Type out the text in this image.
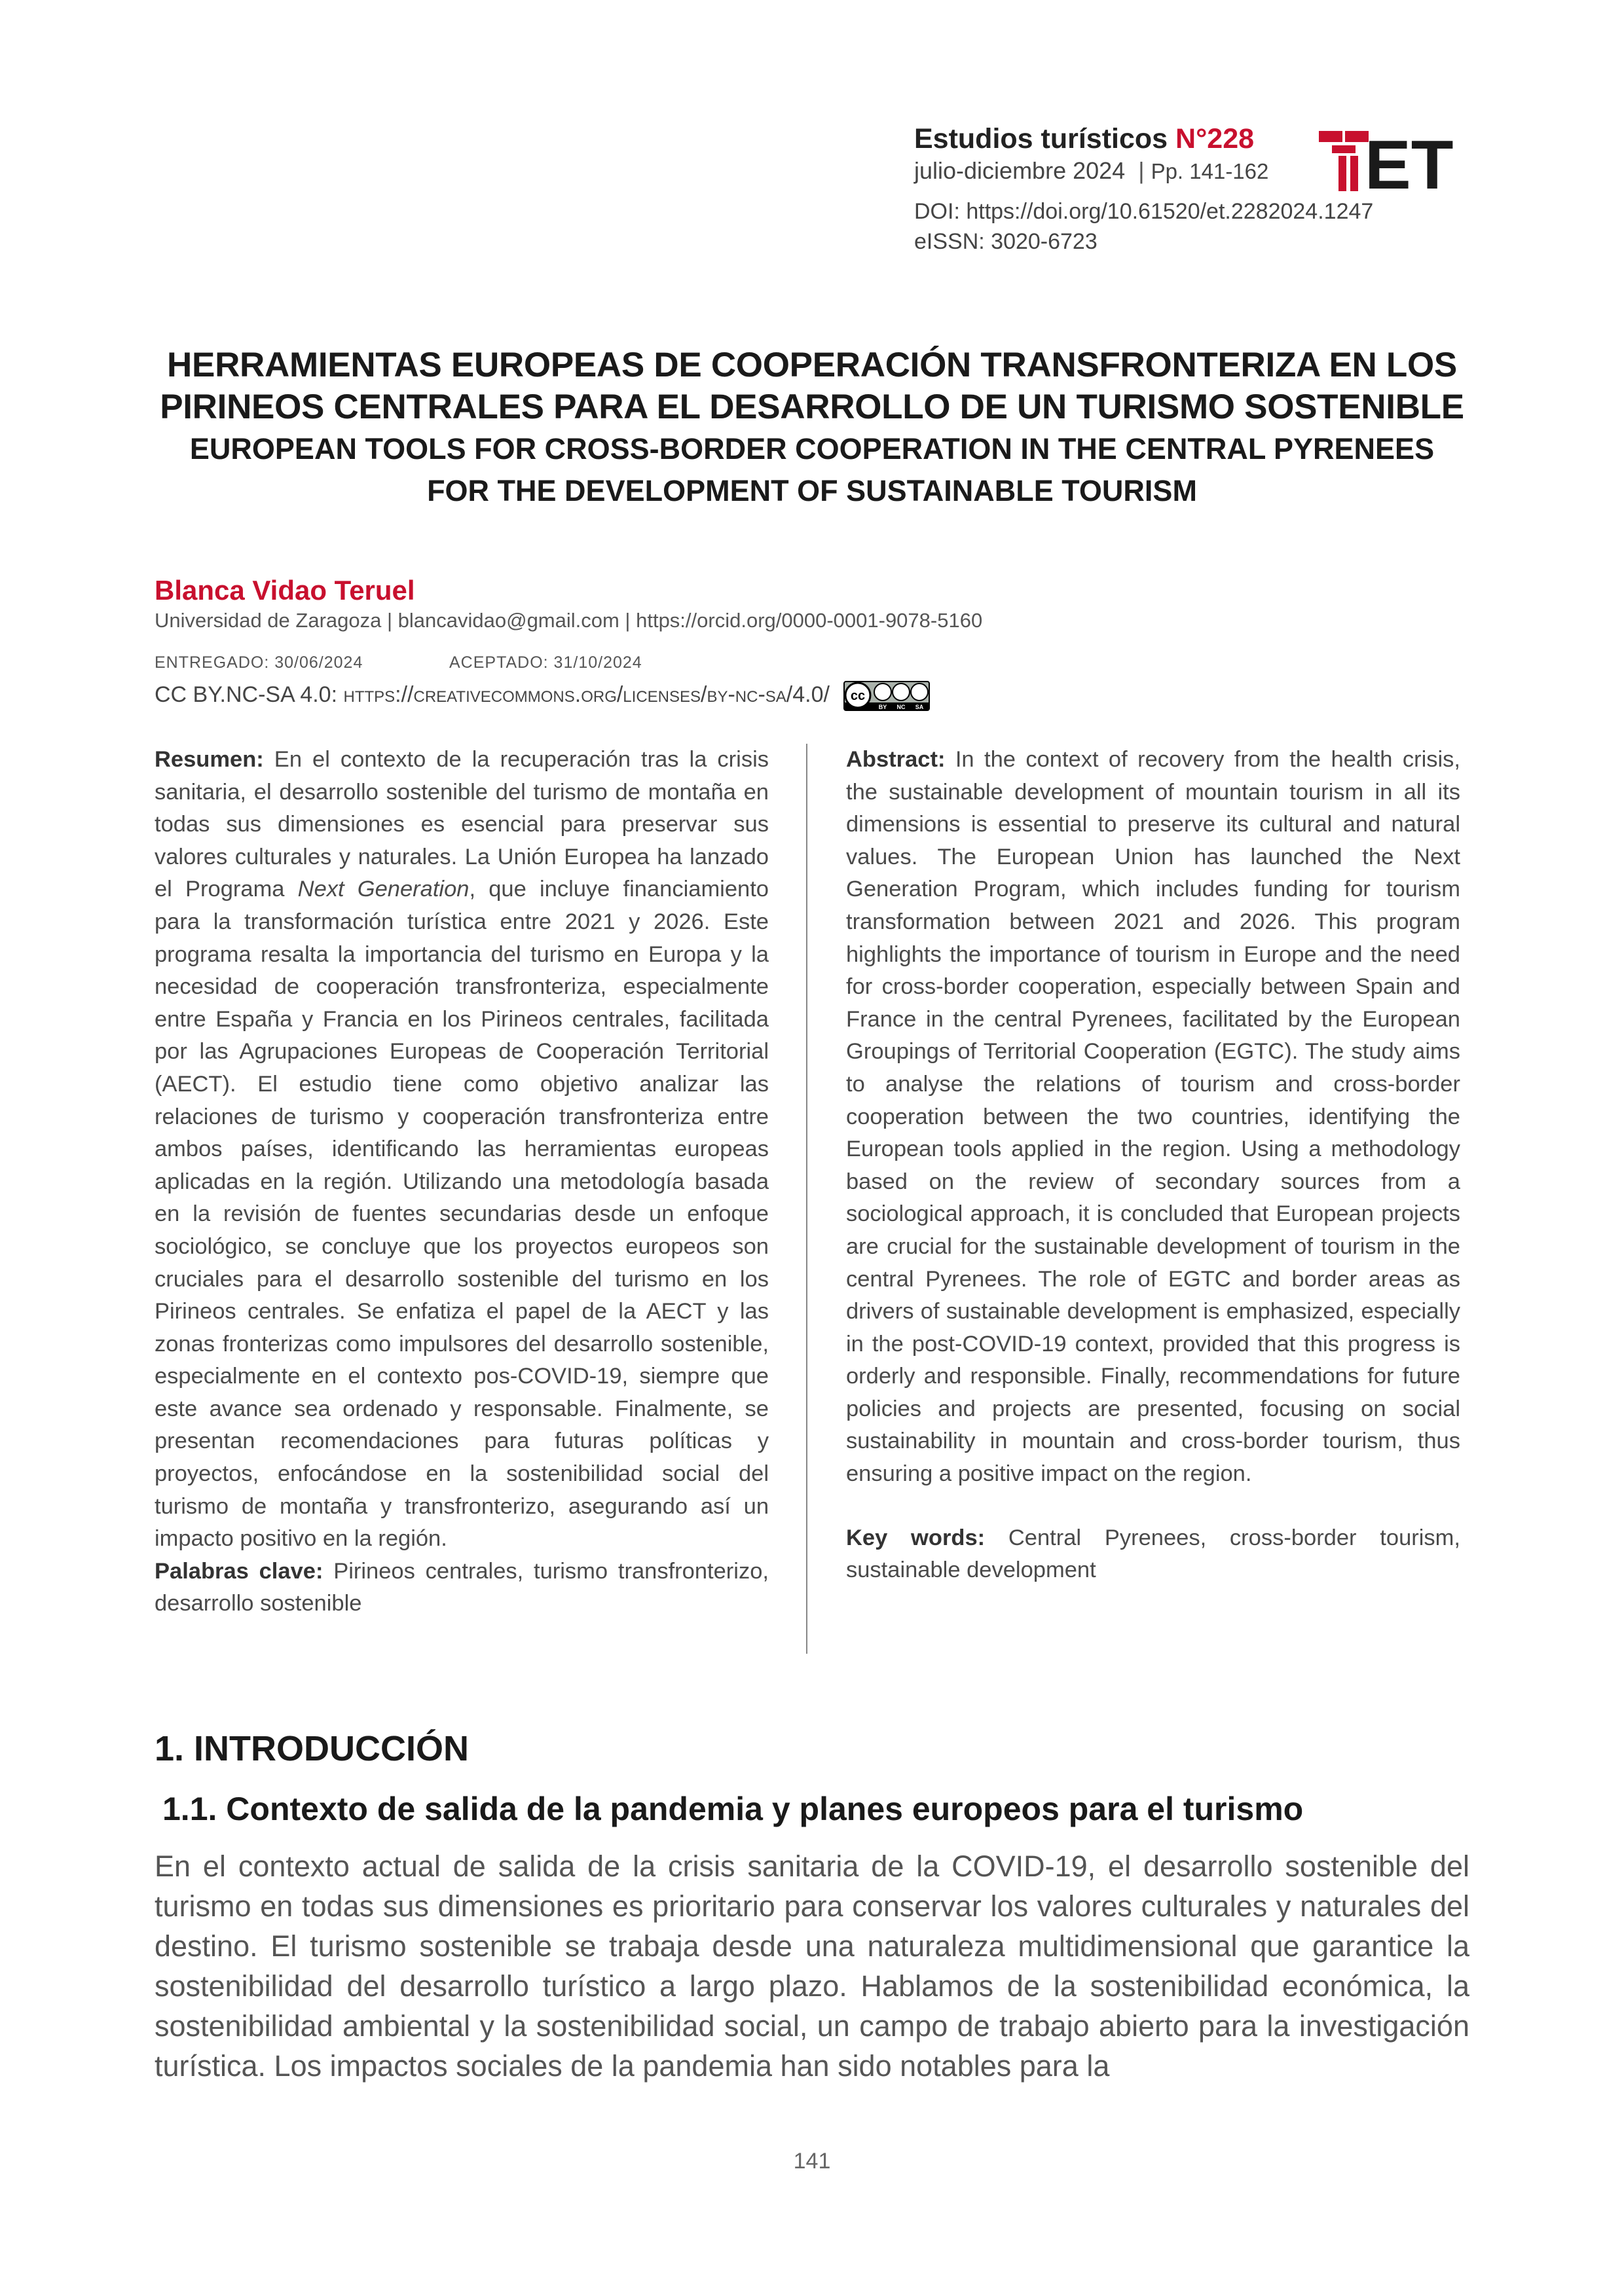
Estudios turísticos N°228
julio-diciembre 2024  | Pp. 141-162
DOI: https://doi.org/10.61520/et.2282024.1247
eISSN: 3020-6723
ET
HERRAMIENTAS EUROPEAS DE COOPERACIÓN TRANSFRONTERIZA EN LOS
PIRINEOS CENTRALES PARA EL DESARROLLO DE UN TURISMO SOSTENIBLE
EUROPEAN TOOLS FOR CROSS-BORDER COOPERATION IN THE CENTRAL PYRENEES
FOR THE DEVELOPMENT OF SUSTAINABLE TOURISM
Blanca Vidao Teruel
Universidad de Zaragoza | blancavidao@gmail.com | https://orcid.org/0000-0001-9078-5160
ENTREGADO: 30/06/2024	ACEPTADO: 31/10/2024
CC BY.NC-SA 4.0: https://creativecommons.org/licenses/by-nc-sa/4.0/ cc
BY NC SA
Resumen: En el contexto de la recuperación tras la crisis sanitaria, el desarrollo sostenible del turismo de montaña en todas sus dimensiones es esencial para preservar sus valores culturales y naturales. La Unión Europea ha lanzado el Programa Next Generation, que incluye financiamiento para la transformación turística entre 2021 y 2026. Este programa resalta la importancia del turismo en Europa y la necesidad de cooperación transfronteriza, especialmente entre España y Francia en los Pirineos centrales, facilitada por las Agrupaciones Europeas de Cooperación Territorial (AECT). El estudio tiene como objetivo analizar las relaciones de turismo y cooperación transfronteriza entre ambos países, identificando las herramientas europeas aplicadas en la región. Utilizando una metodología basada en la revisión de fuentes secundarias desde un enfoque sociológico, se concluye que los proyectos europeos son cruciales para el desarrollo sostenible del turismo en los Pirineos centrales. Se enfatiza el papel de la AECT y las zonas fronterizas como impulsores del desarrollo sostenible, especialmente en el contexto pos-COVID-19, siempre que este avance sea ordenado y responsable. Finalmente, se presentan recomendaciones para futuras políticas y proyectos, enfocándose en la sostenibilidad social del turismo de montaña y transfronterizo, asegurando así un impacto positivo en la región.
Palabras clave: Pirineos centrales, turismo transfronterizo, desarrollo sostenible
Abstract: In the context of recovery from the health crisis, the sustainable development of mountain tourism in all its dimensions is essential to preserve its cultural and natural values. The European Union has launched the Next Generation Program, which includes funding for tourism transformation between 2021 and 2026. This program highlights the importance of tourism in Europe and the need for cross-border cooperation, especially between Spain and France in the central Pyrenees, facilitated by the European Groupings of Territorial Cooperation (EGTC). The study aims to analyse the relations of tourism and cross-border cooperation between the two countries, identifying the European tools applied in the region. Using a methodology based on the review of secondary sources from a sociological approach, it is concluded that European projects are crucial for the sustainable development of tourism in the central Pyrenees. The role of EGTC and border areas as drivers of sustainable development is emphasized, especially in the post-COVID-19 context, provided that this progress is orderly and responsible. Finally, recommendations for future policies and projects are presented, focusing on social sustainability in mountain and cross-border tourism, thus ensuring a positive impact on the region.
Key words: Central Pyrenees, cross-border tourism, sustainable development
1. INTRODUCCIÓN
1.1. Contexto de salida de la pandemia y planes europeos para el turismo
En el contexto actual de salida de la crisis sanitaria de la COVID-19, el desarrollo sostenible del turismo en todas sus dimensiones es prioritario para conservar los valores culturales y naturales del destino. El turismo sostenible se trabaja desde una naturaleza multidimensional que garantice la sostenibilidad del desarrollo turístico a largo plazo. Hablamos de la sostenibilidad económica, la sostenibilidad ambiental y la sostenibilidad social, un campo de trabajo abierto para la investigación turística. Los impactos sociales de la pandemia han sido notables para la
141
